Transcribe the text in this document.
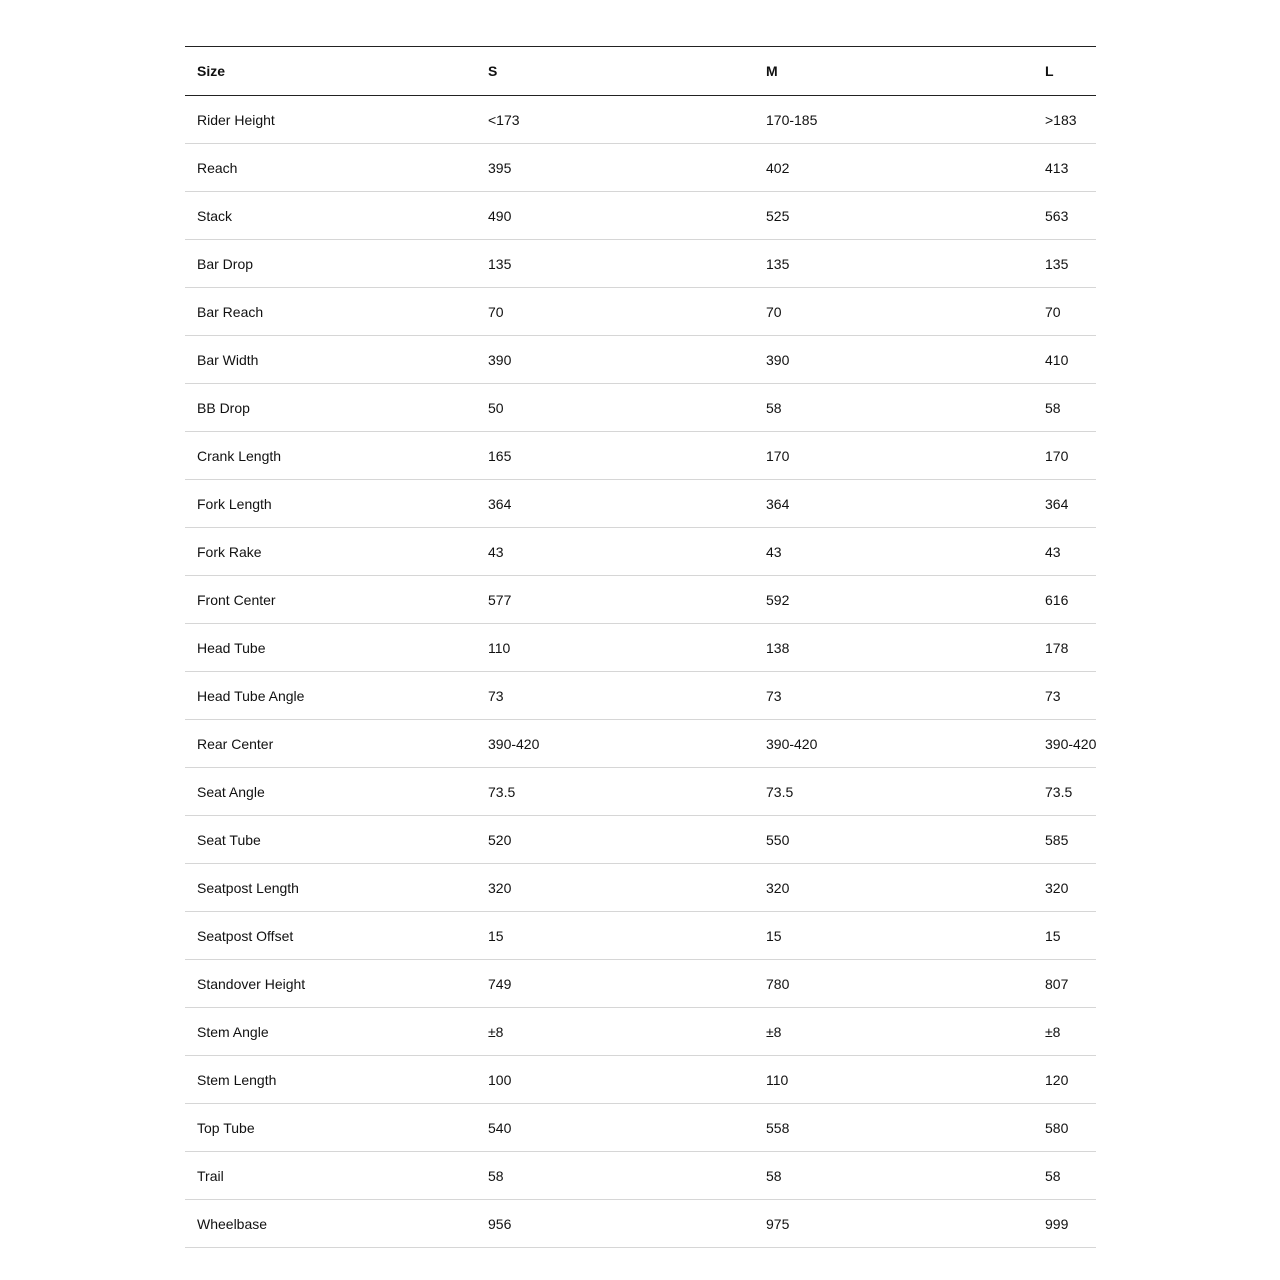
Size	S	M	L
Rider Height	<173	170-185	>183
Reach	395	402	413
Stack	490	525	563
Bar Drop	135	135	135
Bar Reach	70	70	70
Bar Width	390	390	410
BB Drop	50	58	58
Crank Length	165	170	170
Fork Length	364	364	364
Fork Rake	43	43	43
Front Center	577	592	616
Head Tube	110	138	178
Head Tube Angle	73	73	73
Rear Center	390-420	390-420	390-420
Seat Angle	73.5	73.5	73.5
Seat Tube	520	550	585
Seatpost Length	320	320	320
Seatpost Offset	15	15	15
Standover Height	749	780	807
Stem Angle	±8	±8	±8
Stem Length	100	110	120
Top Tube	540	558	580
Trail	58	58	58
Wheelbase	956	975	999
